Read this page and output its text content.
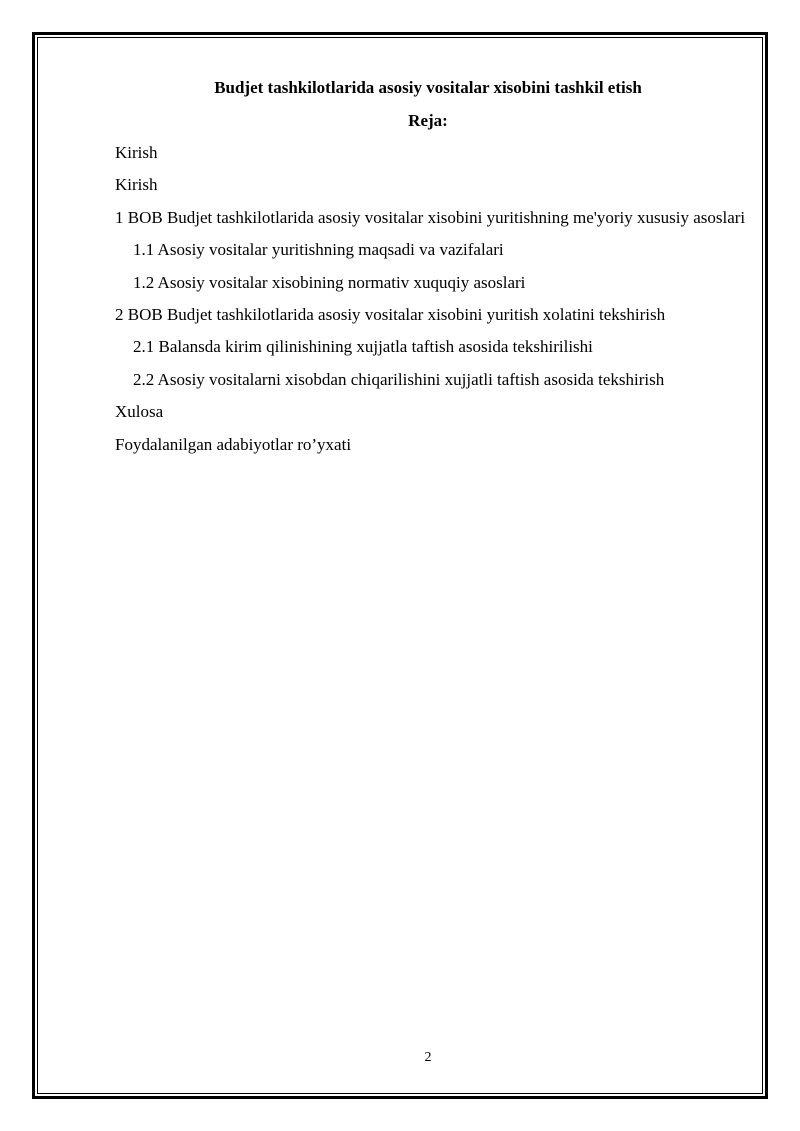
Budjet tashkilotlarida asosiy vositalar xisobini tashkil etish
Reja:
Kirish
Kirish
1 BOB Budjet tashkilotlarida asosiy vositalar xisobini yuritishning me'yoriy xususiy asoslari
1.1 Asosiy vositalar yuritishning maqsadi va vazifalari
1.2 Asosiy vositalar xisobining normativ xuquqiy asoslari
2 BOB Budjet tashkilotlarida asosiy vositalar xisobini yuritish xolatini tekshirish
2.1 Balansda kirim qilinishining xujjatla taftish asosida tekshirilishi
2.2 Asosiy vositalarni xisobdan chiqarilishini xujjatli taftish asosida tekshirish
Xulosa
Foydalanilgan adabiyotlar ro’yxati
2
